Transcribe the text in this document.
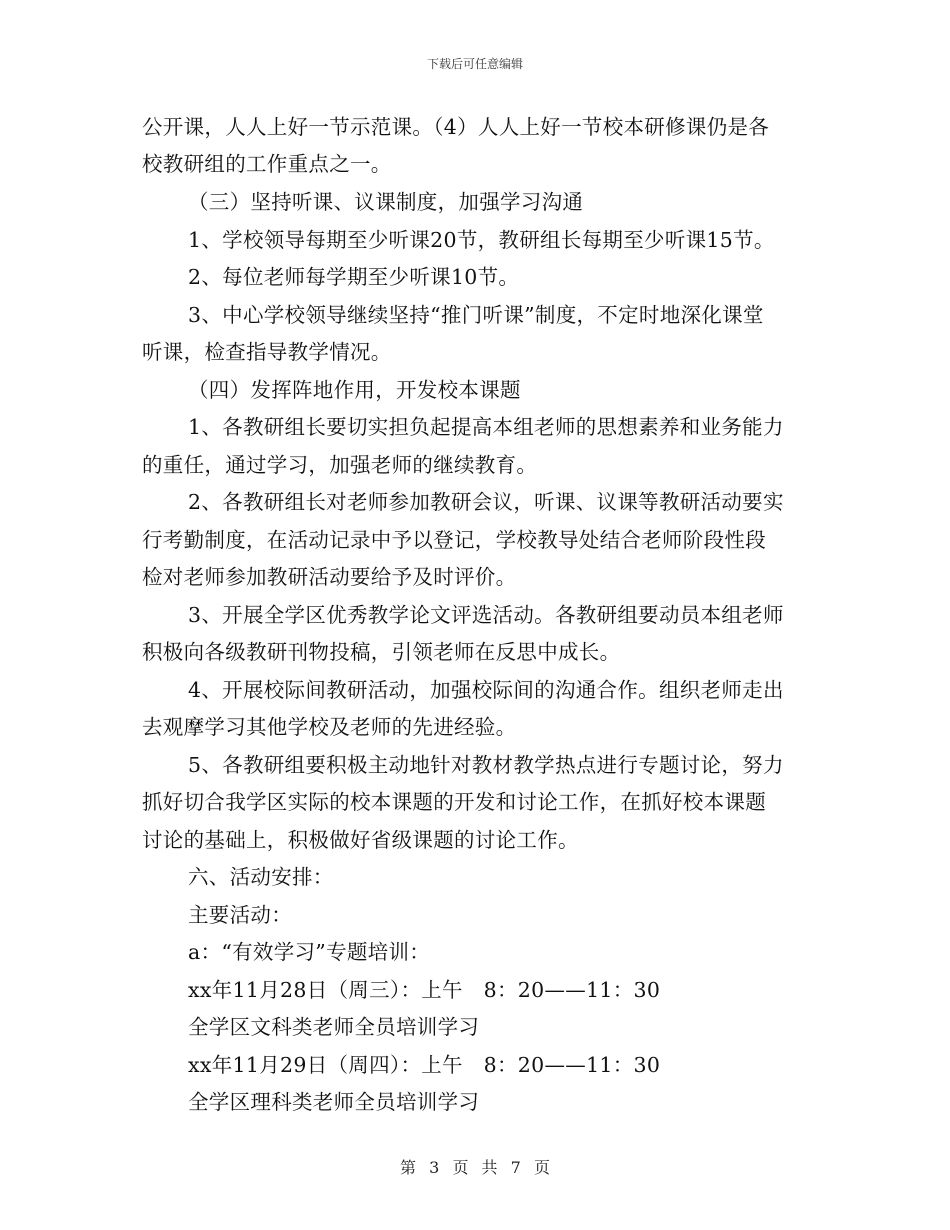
下载后可任意编辑
公开课，人人上好一节示范课。（4）人人上好一节校本研修课仍是各
校教研组的工作重点之一。
（三）坚持听课、议课制度，加强学习沟通
1、学校领导每期至少听课20节，教研组长每期至少听课15节。
2、每位老师每学期至少听课10节。
3、中心学校领导继续坚持“推门听课”制度，不定时地深化课堂
听课，检查指导教学情况。
（四）发挥阵地作用，开发校本课题
1、各教研组长要切实担负起提高本组老师的思想素养和业务能力
的重任，通过学习，加强老师的继续教育。
2、各教研组长对老师参加教研会议，听课、议课等教研活动要实
行考勤制度，在活动记录中予以登记，学校教导处结合老师阶段性段
检对老师参加教研活动要给予及时评价。
3、开展全学区优秀教学论文评选活动。各教研组要动员本组老师
积极向各级教研刊物投稿，引领老师在反思中成长。
4、开展校际间教研活动，加强校际间的沟通合作。组织老师走出
去观摩学习其他学校及老师的先进经验。
5、各教研组要积极主动地针对教材教学热点进行专题讨论，努力
抓好切合我学区实际的校本课题的开发和讨论工作，在抓好校本课题
讨论的基础上，积极做好省级课题的讨论工作。
六、活动安排：
主要活动：
a：“有效学习”专题培训：
xx年11月28日（周三）：上午　8：20——11：30
全学区文科类老师全员培训学习
xx年11月29日（周四）：上午　8：20——11：30
全学区理科类老师全员培训学习
第 3 页 共 7 页
